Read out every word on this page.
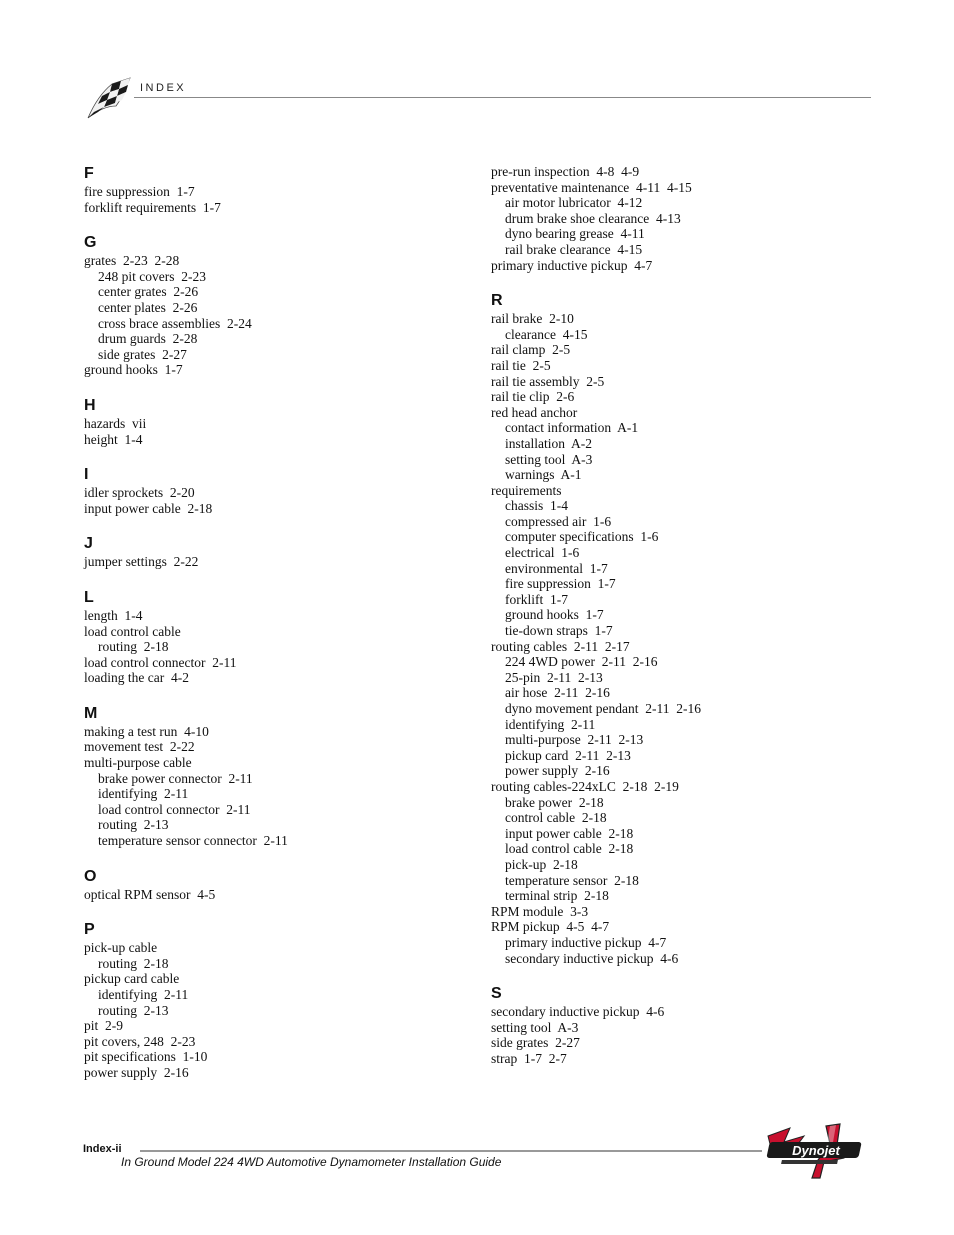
INDEX
F
fire suppression  1-7
forklift requirements  1-7
G
grates  2-23  2-28
248 pit covers  2-23
center grates  2-26
center plates  2-26
cross brace assemblies  2-24
drum guards  2-28
side grates  2-27
ground hooks  1-7
H
hazards  vii
height  1-4
I
idler sprockets  2-20
input power cable  2-18
J
jumper settings  2-22
L
length  1-4
load control cable
routing  2-18
load control connector  2-11
loading the car  4-2
M
making a test run  4-10
movement test  2-22
multi-purpose cable
brake power connector  2-11
identifying  2-11
load control connector  2-11
routing  2-13
temperature sensor connector  2-11
O
optical RPM sensor  4-5
P
pick-up cable
routing  2-18
pickup card cable
identifying  2-11
routing  2-13
pit  2-9
pit covers, 248  2-23
pit specifications  1-10
power supply  2-16
pre-run inspection  4-8  4-9
preventative maintenance  4-11  4-15
air motor lubricator  4-12
drum brake shoe clearance  4-13
dyno bearing grease  4-11
rail brake clearance  4-15
primary inductive pickup  4-7
R
rail brake  2-10
clearance  4-15
rail clamp  2-5
rail tie  2-5
rail tie assembly  2-5
rail tie clip  2-6
red head anchor
contact information  A-1
installation  A-2
setting tool  A-3
warnings  A-1
requirements
chassis  1-4
compressed air  1-6
computer specifications  1-6
electrical  1-6
environmental  1-7
fire suppression  1-7
forklift  1-7
ground hooks  1-7
tie-down straps  1-7
routing cables  2-11  2-17
224 4WD power  2-11  2-16
25-pin  2-11  2-13
air hose  2-11  2-16
dyno movement pendant  2-11  2-16
identifying  2-11
multi-purpose  2-11  2-13
pickup card  2-11  2-13
power supply  2-16
routing cables-224xLC  2-18  2-19
brake power  2-18
control cable  2-18
input power cable  2-18
load control cable  2-18
pick-up  2-18
temperature sensor  2-18
terminal strip  2-18
RPM module  3-3
RPM pickup  4-5  4-7
primary inductive pickup  4-7
secondary inductive pickup  4-6
S
secondary inductive pickup  4-6
setting tool  A-3
side grates  2-27
strap  1-7  2-7
Index-ii
In Ground Model 224 4WD Automotive Dynamometer Installation Guide
Dynojet
